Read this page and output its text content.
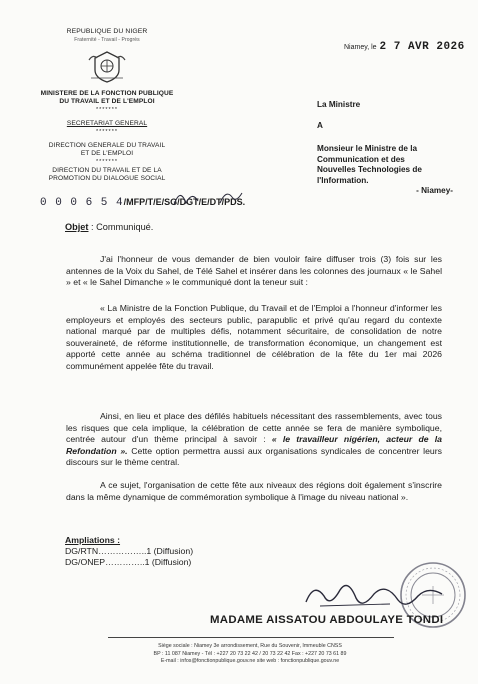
REPUBLIQUE DU NIGER
Fraternité - Travail - Progrès
MINISTERE DE LA FONCTION PUBLIQUE
DU TRAVAIL ET DE L'EMPLOI
*******
SECRETARIAT GENERAL
*******
DIRECTION GENERALE DU TRAVAIL
ET DE L'EMPLOI
*******
DIRECTION DU TRAVAIL ET DE LA
PROMOTION DU DIALOGUE SOCIAL
0 0 0 6 5 4/MFP/T/E/SG/DGT/E/DT/PDS.
Niamey, le 2 7 AVR 2026
La Ministre
A
Monsieur le Ministre de la
Communication et des
Nouvelles Technologies de
l'Information.
- Niamey-
Objet : Communiqué.

J'ai l'honneur de vous demander de bien vouloir faire diffuser trois (3) fois sur les antennes de la Voix du Sahel, de Télé Sahel et insérer dans les colonnes des journaux « le Sahel » et « le Sahel Dimanche » le communiqué dont la teneur suit :

« La Ministre de la Fonction Publique, du Travail et de l'Emploi a l'honneur d'informer les employeurs et employés des secteurs public, parapublic et privé qu'au regard du contexte national marqué par de multiples défis, notamment sécuritaire, de consolidation de notre souveraineté, de réforme institutionnelle, de transformation économique, un changement est apporté cette année au schéma traditionnel de célébration de la fête du 1er mai 2026 communément appelée fête du travail.

Ainsi, en lieu et place des défilés habituels nécessitant des rassemblements, avec tous les risques que cela implique, la célébration de cette année se fera de manière symbolique, centrée autour d'un thème principal à savoir : « le travailleur nigérien, acteur de la Refondation ». Cette option permettra aussi aux organisations syndicales de concentrer leurs discours sur le thème central.

A ce sujet, l'organisation de cette fête aux niveaux des régions doit également s'inscrire dans la même dynamique de commémoration symbolique à l'image du niveau national ».

Ampliations :
DG/RTN……………..1 (Diffusion)
DG/ONEP…………..1 (Diffusion)
MADAME AISSATOU ABDOULAYE TONDI
Siège sociale : Niamey 3e arrondissement, Rue du Souvenir, Immeuble CNSS
BP : 11 087 Niamey - Tél : +227 20 73 22 42 / 20 73 22 42 Fax : +227 20 73 61 89
E-mail : infos@fonctionpublique.gouv.ne site web : fonctionpublique.gouv.ne
